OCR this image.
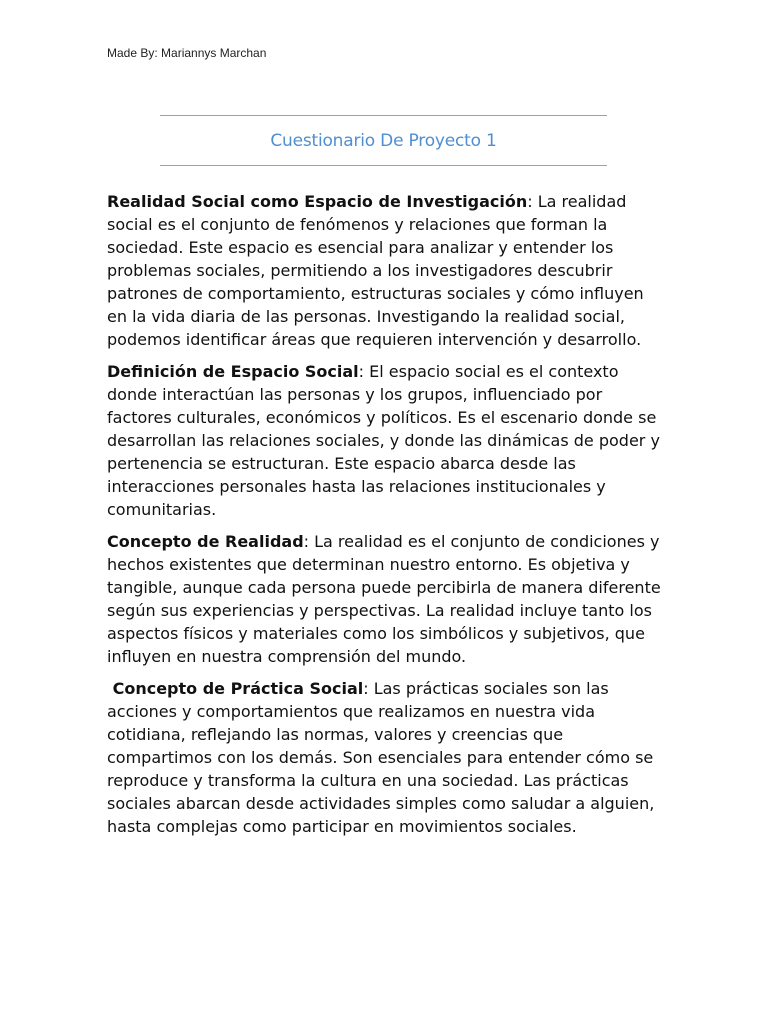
Made By: Mariannys Marchan
Cuestionario De Proyecto 1

Realidad Social como Espacio de Investigación: La realidad social es el conjunto de fenómenos y relaciones que forman la sociedad. Este espacio es esencial para analizar y entender los problemas sociales, permitiendo a los investigadores descubrir patrones de comportamiento, estructuras sociales y cómo influyen en la vida diaria de las personas. Investigando la realidad social, podemos identificar áreas que requieren intervención y desarrollo.

Definición de Espacio Social: El espacio social es el contexto donde interactúan las personas y los grupos, influenciado por factores culturales, económicos y políticos. Es el escenario donde se desarrollan las relaciones sociales, y donde las dinámicas de poder y pertenencia se estructuran. Este espacio abarca desde las interacciones personales hasta las relaciones institucionales y comunitarias.

Concepto de Realidad: La realidad es el conjunto de condiciones y hechos existentes que determinan nuestro entorno. Es objetiva y tangible, aunque cada persona puede percibirla de manera diferente según sus experiencias y perspectivas. La realidad incluye tanto los aspectos físicos y materiales como los simbólicos y subjetivos, que influyen en nuestra comprensión del mundo.

Concepto de Práctica Social: Las prácticas sociales son las acciones y comportamientos que realizamos en nuestra vida cotidiana, reflejando las normas, valores y creencias que compartimos con los demás. Son esenciales para entender cómo se reproduce y transforma la cultura en una sociedad. Las prácticas sociales abarcan desde actividades simples como saludar a alguien, hasta complejas como participar en movimientos sociales.
